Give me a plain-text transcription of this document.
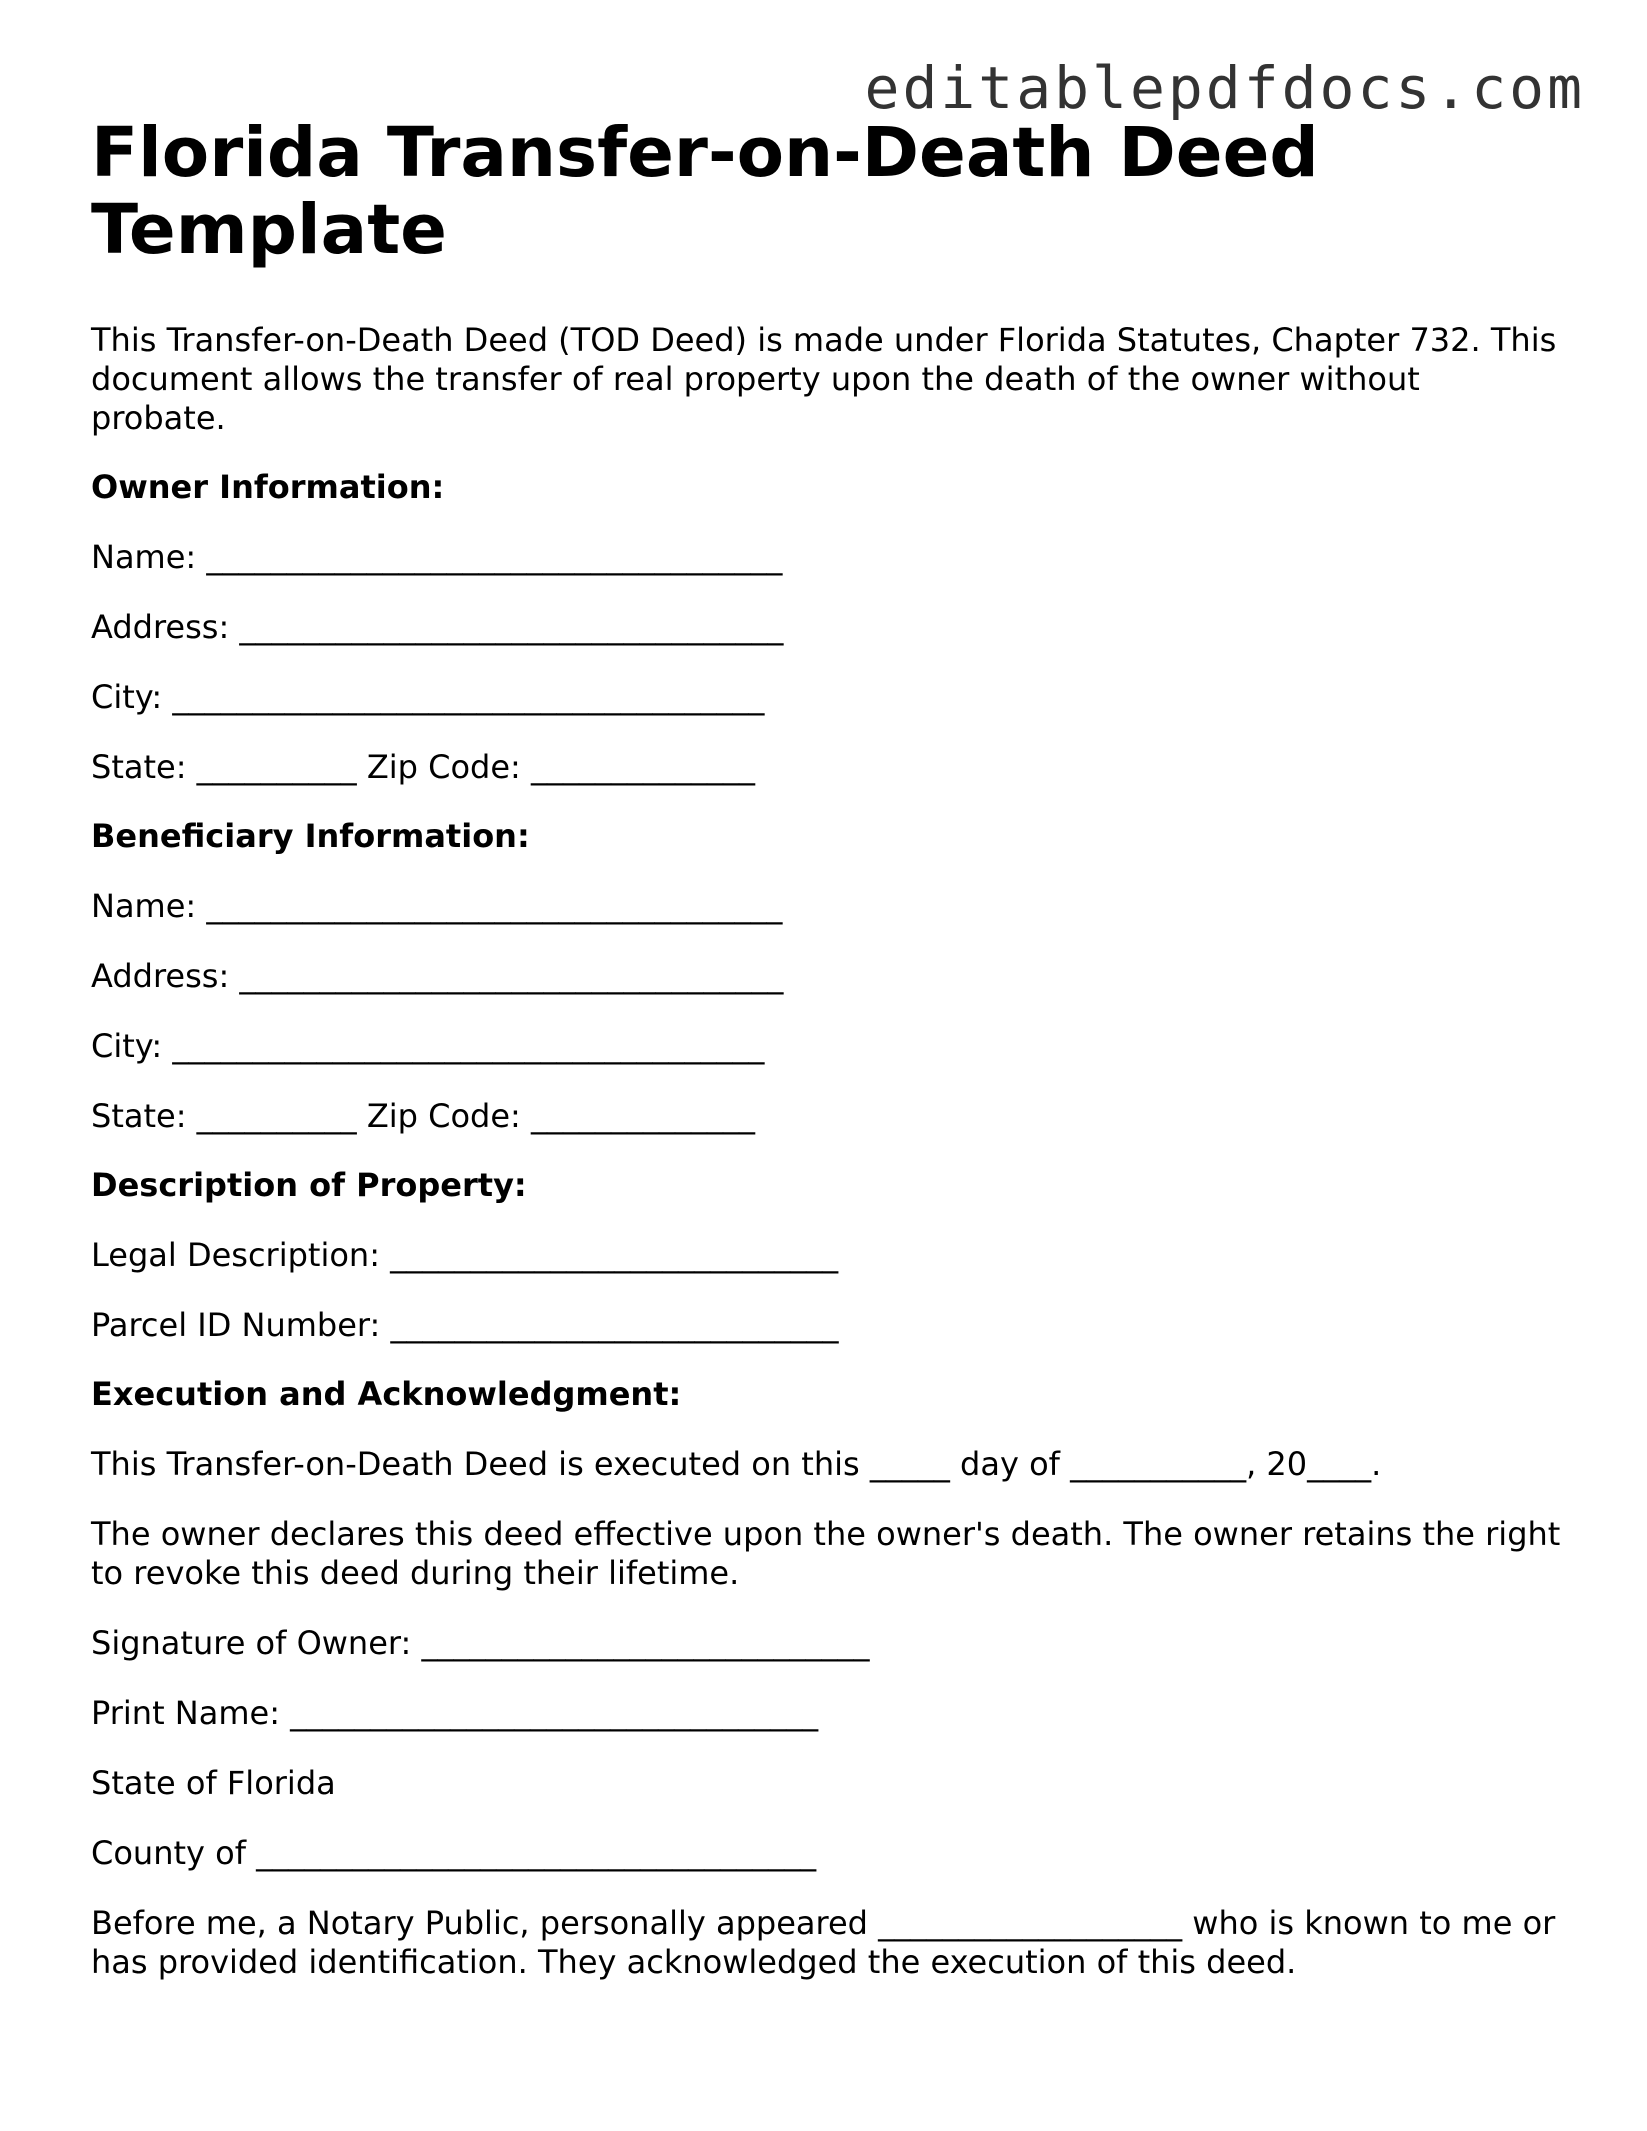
editablepdfdocs.com
Florida Transfer-on-Death Deed Template

This Transfer-on-Death Deed (TOD Deed) is made under Florida Statutes, Chapter 732. This document allows the transfer of real property upon the death of the owner without probate.

Owner Information:

Name: ____________________________________

Address: __________________________________

City: _____________________________________

State: __________ Zip Code: ______________

Beneficiary Information:

Name: ____________________________________

Address: __________________________________

City: _____________________________________

State: __________ Zip Code: ______________

Description of Property:

Legal Description: ____________________________

Parcel ID Number: ____________________________

Execution and Acknowledgment:

This Transfer-on-Death Deed is executed on this _____ day of ___________, 20____.

The owner declares this deed effective upon the owner's death. The owner retains the right to revoke this deed during their lifetime.

Signature of Owner: ____________________________

Print Name: _________________________________

State of Florida

County of ___________________________________

Before me, a Notary Public, personally appeared ___________________ who is known to me or has provided identification. They acknowledged the execution of this deed.
